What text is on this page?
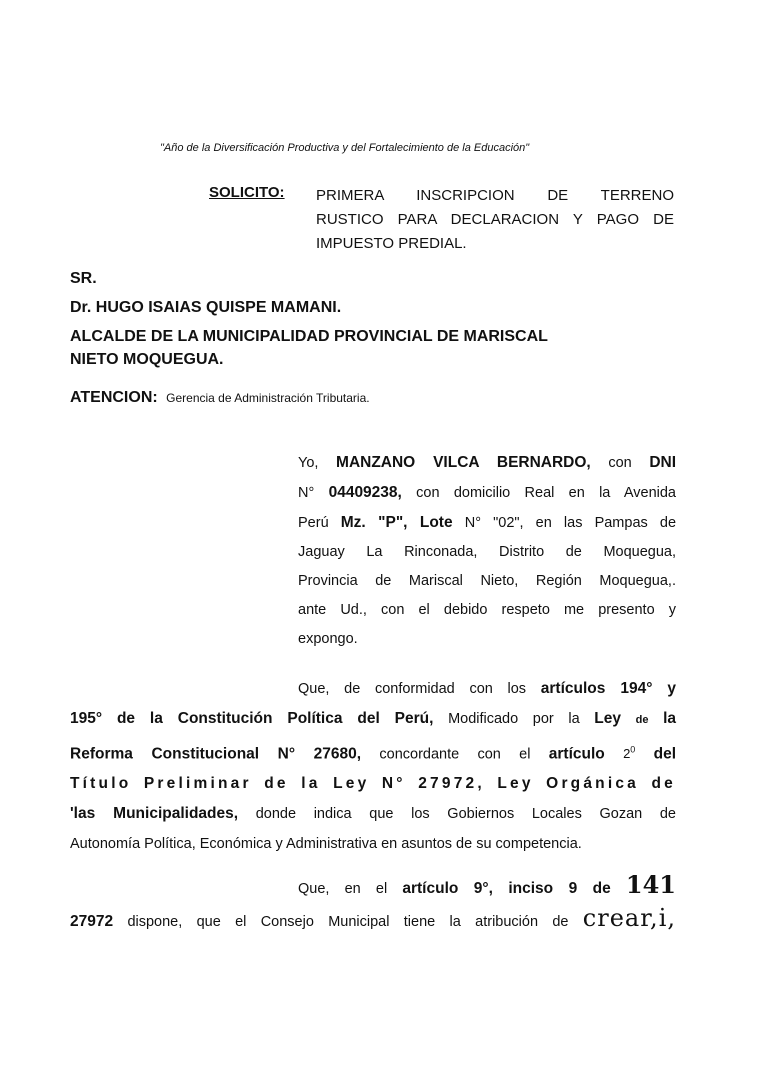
"Año de la Diversificación Productiva y del Fortalecimiento de la Educación"
SOLICITO: PRIMERA INSCRIPCION DE TERRENO
RUSTICO PARA DECLARACION Y PAGO DE
IMPUESTO PREDIAL.
SR.
Dr. HUGO ISAIAS QUISPE MAMANI.
ALCALDE DE LA MUNICIPALIDAD PROVINCIAL DE MARISCAL
NIETO MOQUEGUA.
ATENCION: Gerencia de Administración Tributaria.
Yo, MANZANO VILCA BERNARDO, con DNI
N° 04409238, con domicilio Real en la Avenida
Perú Mz. "P", Lote N° "02", en las Pampas de
Jaguay La Rinconada, Distrito de Moquegua,
Provincia de Mariscal Nieto, Región Moquegua,.
ante Ud., con el debido respeto me presento y
expongo.
Que, de conformidad con los artículos 194° y
195° de la Constitución Política del Perú, Modificado por la Ley de la
Reforma Constitucional N° 27680, concordante con el artículo $2^0$ del
Título Preliminar de la Ley N° 27972, Ley Orgánica de
'las Municipalidades, donde indica que los Gobiernos Locales Gozan de
Autonomía Política, Económica y Administrativa en asuntos de su competencia.
Que, en el artículo 9°, inciso 9 de 141
27972 dispone, que el Consejo Municipal tiene la atribución de crear,i,
